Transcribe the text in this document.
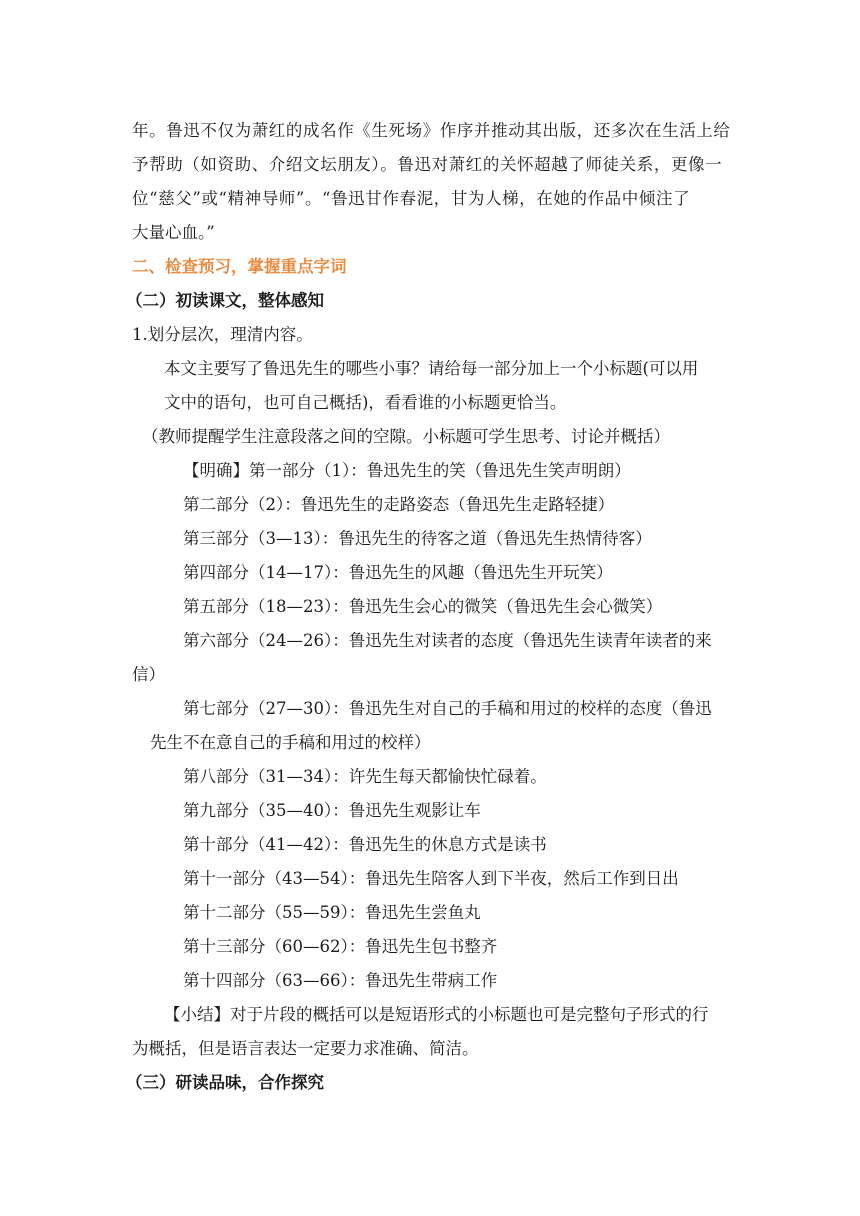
年。鲁迅不仅为萧红的成名作《生死场》作序并推动其出版，还多次在生活上给

予帮助（如资助、介绍文坛朋友）。鲁迅对萧红的关怀超越了师徒关系，更像一

位“慈父”或“精神导师”。“鲁迅甘作春泥，甘为人梯，在她的作品中倾注了

大量心血。”

二、检查预习，掌握重点字词

（二）初读课文，整体感知

1.划分层次，理清内容。

本文主要写了鲁迅先生的哪些小事？请给每一部分加上一个小标题(可以用

文中的语句，也可自己概括)，看看谁的小标题更恰当。

（教师提醒学生注意段落之间的空隙。小标题可学生思考、讨论并概括）

【明确】第一部分（1）：鲁迅先生的笑（鲁迅先生笑声明朗）

第二部分（2）：鲁迅先生的走路姿态（鲁迅先生走路轻捷）

第三部分（3—13）：鲁迅先生的待客之道（鲁迅先生热情待客）

第四部分（14—17）：鲁迅先生的风趣（鲁迅先生开玩笑）

第五部分（18—23）：鲁迅先生会心的微笑（鲁迅先生会心微笑）

第六部分（24—26）：鲁迅先生对读者的态度（鲁迅先生读青年读者的来

信）

第七部分（27—30）：鲁迅先生对自己的手稿和用过的校样的态度（鲁迅

先生不在意自己的手稿和用过的校样）

第八部分（31—34）：许先生每天都愉快忙碌着。

第九部分（35—40）：鲁迅先生观影让车

第十部分（41—42）：鲁迅先生的休息方式是读书

第十一部分（43—54）：鲁迅先生陪客人到下半夜，然后工作到日出

第十二部分（55—59）：鲁迅先生尝鱼丸

第十三部分（60—62）：鲁迅先生包书整齐

第十四部分（63—66）：鲁迅先生带病工作

【小结】对于片段的概括可以是短语形式的小标题也可是完整句子形式的行

为概括，但是语言表达一定要力求准确、简洁。

（三）研读品味，合作探究
